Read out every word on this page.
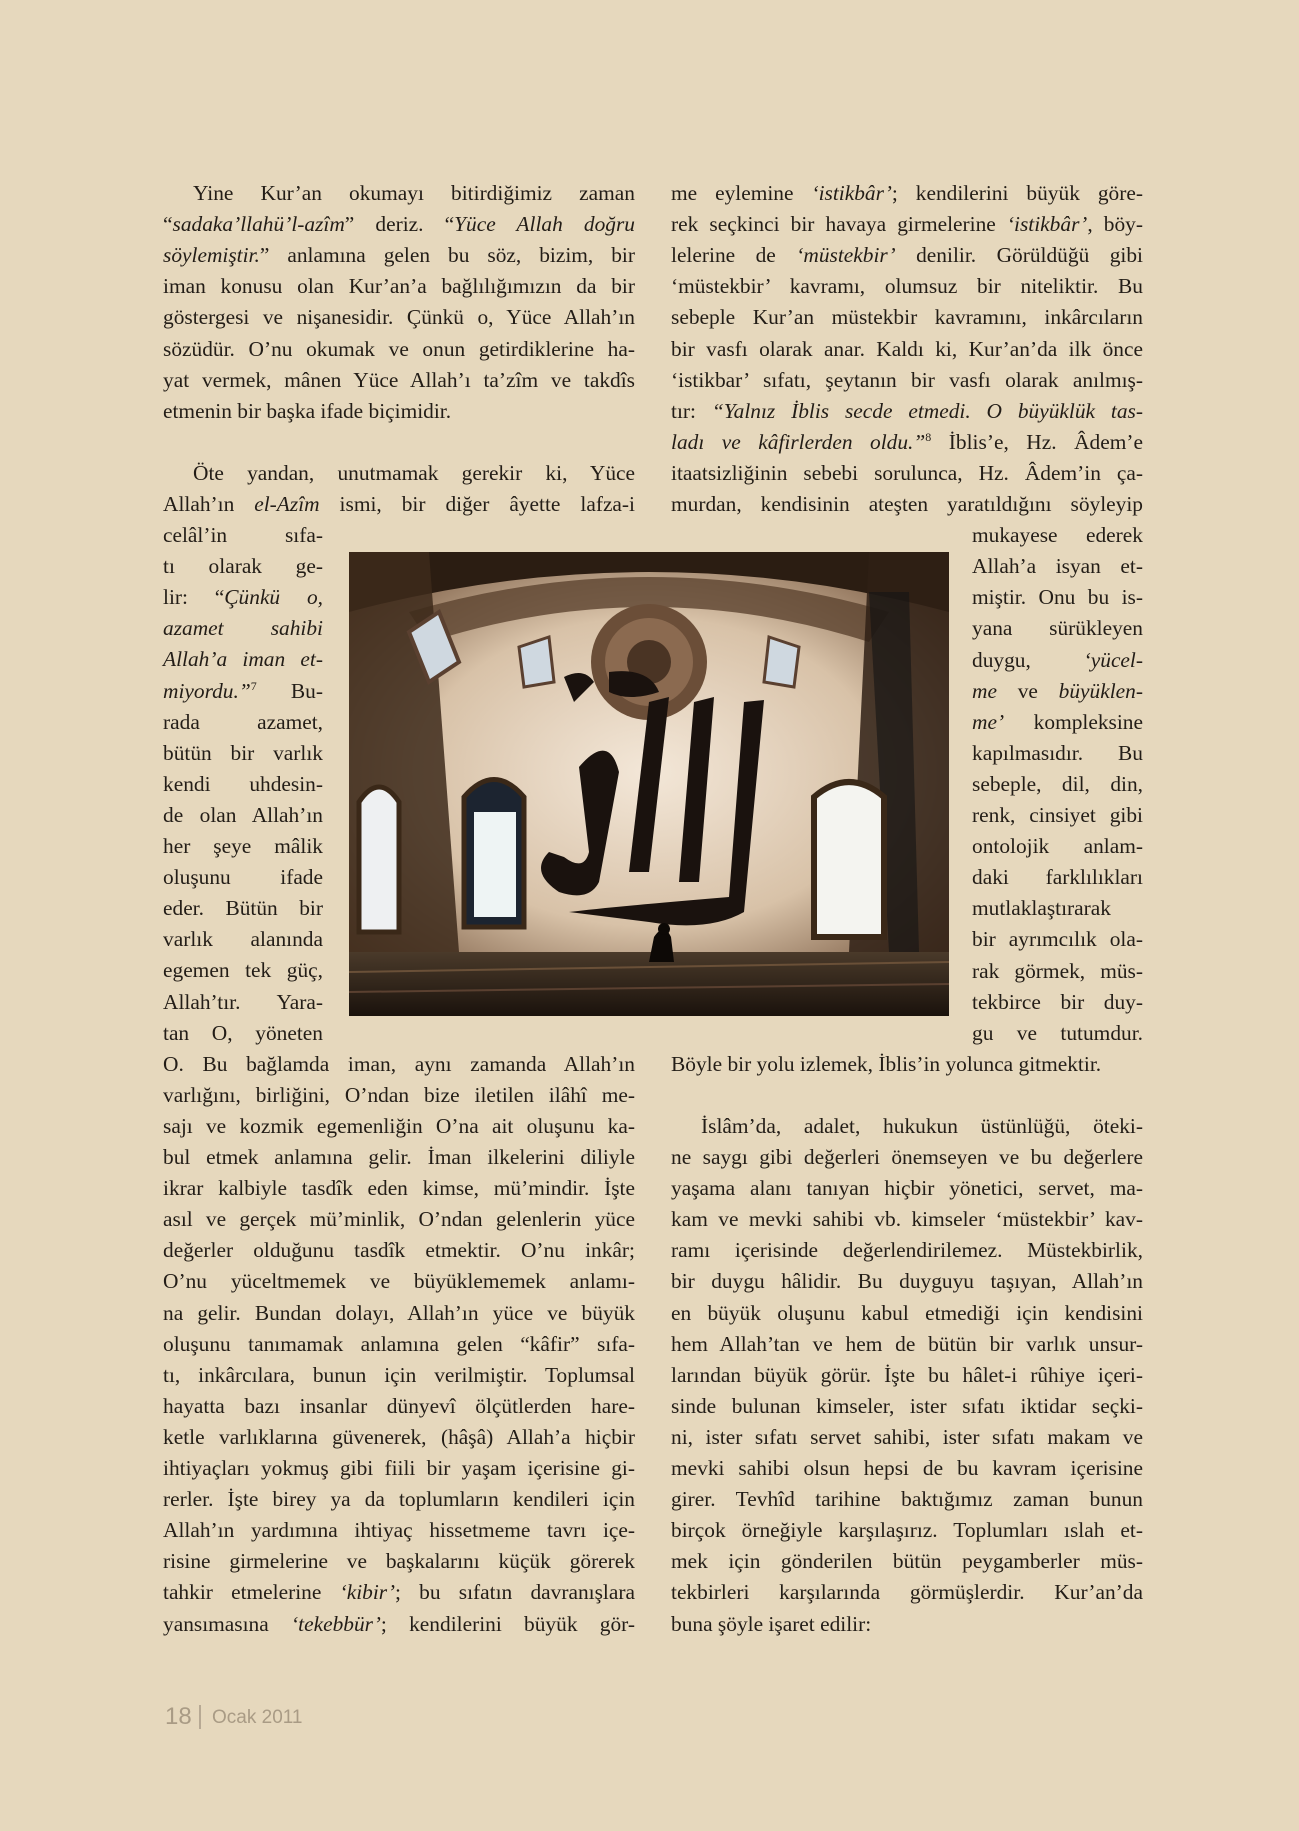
Yine Kur’an okumayı bitirdiğimiz zaman

“sadaka’llahü’l-azîm” deriz. “Yüce Allah doğru

söylemiştir.” anlamına gelen bu söz, bizim, bir

iman konusu olan Kur’an’a bağlılığımızın da bir

göstergesi ve nişanesidir. Çünkü o, Yüce Allah’ın

sözüdür. O’nu okumak ve onun getirdiklerine ha-

yat vermek, mânen Yüce Allah’ı ta’zîm ve takdîs

etmenin bir başka ifade biçimidir.

Öte yandan, unutmamak gerekir ki, Yüce

Allah’ın el-Azîm ismi, bir diğer âyette lafza-i

celâl’in sıfa-

tı olarak ge-

lir: “Çünkü o,

azamet sahibi

Allah’a iman et-

miyordu.”$^7$ Bu-

rada azamet,

bütün bir varlık

kendi uhdesin-

de olan Allah’ın

her şeye mâlik

oluşunu ifade

eder. Bütün bir

varlık alanında

egemen tek güç,

Allah’tır. Yara-

tan O, yöneten

O. Bu bağlamda iman, aynı zamanda Allah’ın

varlığını, birliğini, O’ndan bize iletilen ilâhî me-

sajı ve kozmik egemenliğin O’na ait oluşunu ka-

bul etmek anlamına gelir. İman ilkelerini diliyle

ikrar kalbiyle tasdîk eden kimse, mü’mindir. İşte

asıl ve gerçek mü’minlik, O’ndan gelenlerin yüce

değerler olduğunu tasdîk etmektir. O’nu inkâr;

O’nu yüceltmemek ve büyüklememek anlamı-

na gelir. Bundan dolayı, Allah’ın yüce ve büyük

oluşunu tanımamak anlamına gelen “kâfir” sıfa-

tı, inkârcılara, bunun için verilmiştir. Toplumsal

hayatta bazı insanlar dünyevî ölçütlerden hare-

ketle varlıklarına güvenerek, (hâşâ) Allah’a hiçbir

ihtiyaçları yokmuş gibi fiili bir yaşam içerisine gi-

rerler. İşte birey ya da toplumların kendileri için

Allah’ın yardımına ihtiyaç hissetmeme tavrı içe-

risine girmelerine ve başkalarını küçük görerek

tahkir etmelerine ‘kibir’; bu sıfatın davranışlara

yansımasına ‘tekebbür’; kendilerini büyük gör-

me eylemine ‘istikbâr’; kendilerini büyük göre-

rek seçkinci bir havaya girmelerine ‘istikbâr’, böy-

lelerine de ‘müstekbir’ denilir. Görüldüğü gibi

‘müstekbir’ kavramı, olumsuz bir niteliktir. Bu

sebeple Kur’an müstekbir kavramını, inkârcıların

bir vasfı olarak anar. Kaldı ki, Kur’an’da ilk önce

‘istikbar’ sıfatı, şeytanın bir vasfı olarak anılmış-

tır: “Yalnız İblis secde etmedi. O büyüklük tas-

ladı ve kâfirlerden oldu.”$^8$ İblis’e, Hz. Âdem’e

itaatsizliğinin sebebi sorulunca, Hz. Âdem’in ça-

murdan, kendisinin ateşten yaratıldığını söyleyip

mukayese ederek

Allah’a isyan et-

miştir. Onu bu is-

yana sürükleyen

duygu, ‘yücel-

me ve büyüklen-

me’ kompleksine

kapılmasıdır. Bu

sebeple, dil, din,

renk, cinsiyet gibi

ontolojik anlam-

daki farklılıkları

mutlaklaştırarak

bir ayrımcılık ola-

rak görmek, müs-

tekbirce bir duy-

gu ve tutumdur.

Böyle bir yolu izlemek, İblis’in yolunca gitmektir.

İslâm’da, adalet, hukukun üstünlüğü, öteki-

ne saygı gibi değerleri önemseyen ve bu değerlere

yaşama alanı tanıyan hiçbir yönetici, servet, ma-

kam ve mevki sahibi vb. kimseler ‘müstekbir’ kav-

ramı içerisinde değerlendirilemez. Müstekbirlik,

bir duygu hâlidir. Bu duyguyu taşıyan, Allah’ın

en büyük oluşunu kabul etmediği için kendisini

hem Allah’tan ve hem de bütün bir varlık unsur-

larından büyük görür. İşte bu hâlet-i rûhiye içeri-

sinde bulunan kimseler, ister sıfatı iktidar seçki-

ni, ister sıfatı servet sahibi, ister sıfatı makam ve

mevki sahibi olsun hepsi de bu kavram içerisine

girer. Tevhîd tarihine baktığımız zaman bunun

birçok örneğiyle karşılaşırız. Toplumları ıslah et-

mek için gönderilen bütün peygamberler müs-

tekbirleri karşılarında görmüşlerdir. Kur’an’da

buna şöyle işaret edilir:

18 Ocak 2011
